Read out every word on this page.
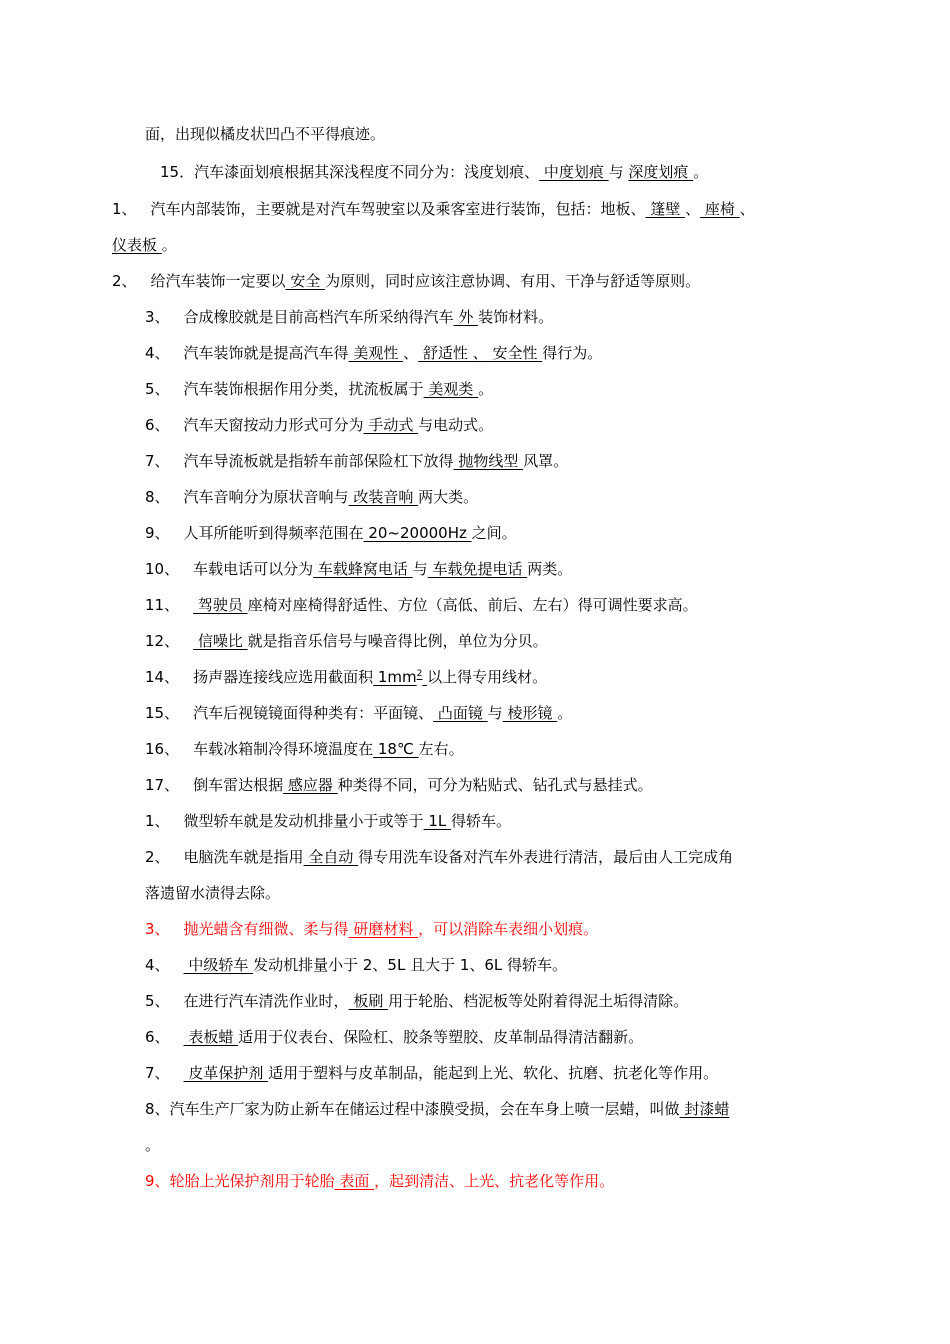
面，出现似橘皮状凹凸不平得痕迹。
15．汽车漆面划痕根据其深浅程度不同分为：浅度划痕、 中度划痕 与 深度划痕 。
1、 汽车内部装饰，主要就是对汽车驾驶室以及乘客室进行装饰，包括：地板、 篷壁 、 座椅 、
仪表板 。
2、 给汽车装饰一定要以 安全 为原则，同时应该注意协调、有用、干净与舒适等原则。
3、 合成橡胶就是目前高档汽车所采纳得汽车 外 装饰材料。
4、 汽车装饰就是提高汽车得 美观性 、 舒适性 、 安全性 得行为。
5、 汽车装饰根据作用分类，扰流板属于 美观类 。
6、 汽车天窗按动力形式可分为 手动式 与电动式。
7、 汽车导流板就是指轿车前部保险杠下放得 抛物线型 风罩。
8、 汽车音响分为原状音响与 改装音响 两大类。
9、 人耳所能听到得频率范围在 20~20000Hz 之间。
10、 车载电话可以分为 车载蜂窝电话 与 车载免提电话 两类。
11、 驾驶员 座椅对座椅得舒适性、方位（高低、前后、左右）得可调性要求高。
12、 信噪比 就是指音乐信号与噪音得比例，单位为分贝。
14、 扬声器连接线应选用截面积 $1mm^2$ 以上得专用线材。
15、 汽车后视镜镜面得种类有：平面镜、 凸面镜 与 棱形镜 。
16、 车载冰箱制冷得环境温度在 18℃ 左右。
17、 倒车雷达根据 感应器 种类得不同，可分为粘贴式、钻孔式与悬挂式。
1、 微型轿车就是发动机排量小于或等于 1L 得轿车。
2、 电脑洗车就是指用 全自动 得专用洗车设备对汽车外表进行清洁，最后由人工完成角
落遗留水渍得去除。
3、 抛光蜡含有细微、柔与得 研磨材料 ，可以消除车表细小划痕。
4、 中级轿车 发动机排量小于 2、5L 且大于 1、6L 得轿车。
5、 在进行汽车清洗作业时， 板刷 用于轮胎、档泥板等处附着得泥土垢得清除。
6、 表板蜡 适用于仪表台、保险杠、胶条等塑胶、皮革制品得清洁翻新。
7、 皮革保护剂 适用于塑料与皮革制品，能起到上光、软化、抗磨、抗老化等作用。
8、汽车生产厂家为防止新车在储运过程中漆膜受损，会在车身上喷一层蜡，叫做 封漆蜡
。
9、轮胎上光保护剂用于轮胎 表面 ，起到清洁、上光、抗老化等作用。
